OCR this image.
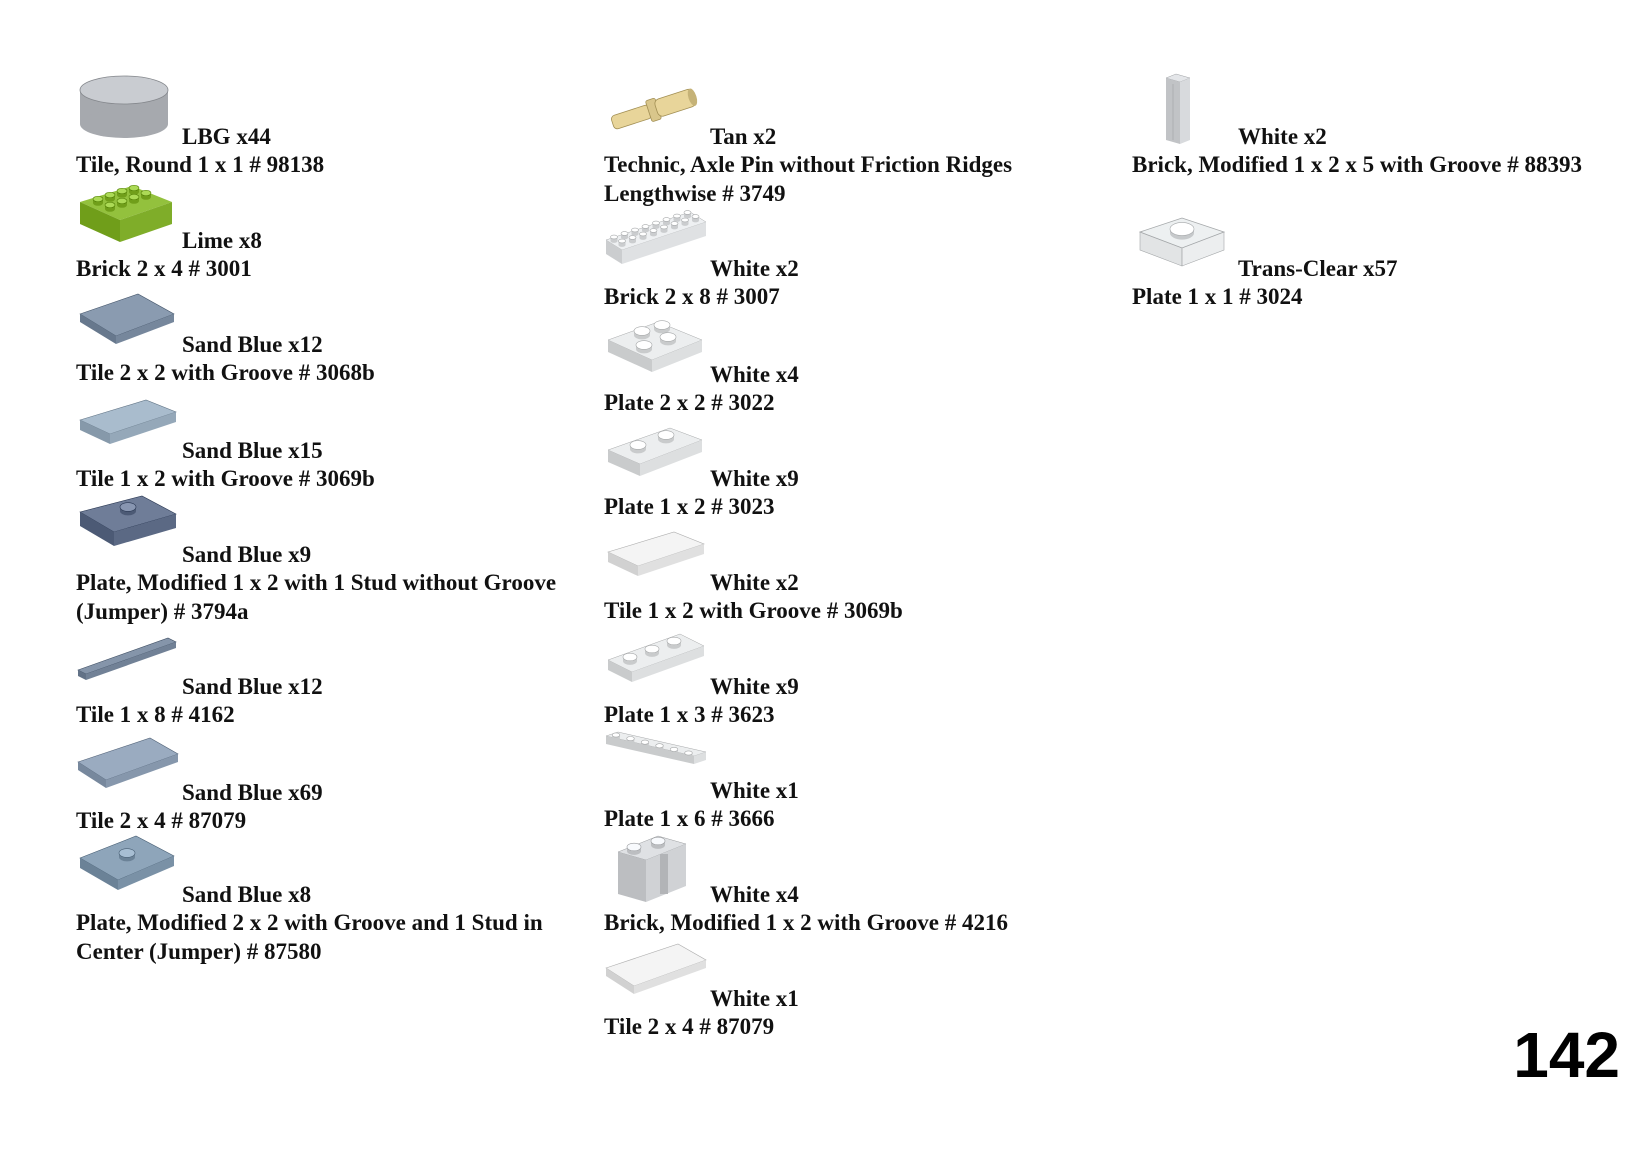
LBG x44
Tile, Round 1 x 1 # 98138
Lime x8
Brick 2 x 4 # 3001
Sand Blue x12
Tile 2 x 2 with Groove # 3068b
Sand Blue x15
Tile 1 x 2 with Groove # 3069b
Sand Blue x9
Plate, Modified 1 x 2 with 1 Stud without Groove (Jumper) # 3794a
Sand Blue x12
Tile 1 x 8 # 4162
Sand Blue x69
Tile 2 x 4 # 87079
Sand Blue x8
Plate, Modified 2 x 2 with Groove and 1 Stud in Center (Jumper) # 87580
Tan x2
Technic, Axle Pin without Friction Ridges Lengthwise # 3749
White x2
Brick 2 x 8 # 3007
White x4
Plate 2 x 2 # 3022
White x9
Plate 1 x 2 # 3023
White x2
Tile 1 x 2 with Groove # 3069b
White x9
Plate 1 x 3 # 3623
White x1
Plate 1 x 6 # 3666
White x4
Brick, Modified 1 x 2 with Groove # 4216
White x1
Tile 2 x 4 # 87079
White x2
Brick, Modified 1 x 2 x 5 with Groove # 88393
Trans-Clear x57
Plate 1 x 1 # 3024
142
